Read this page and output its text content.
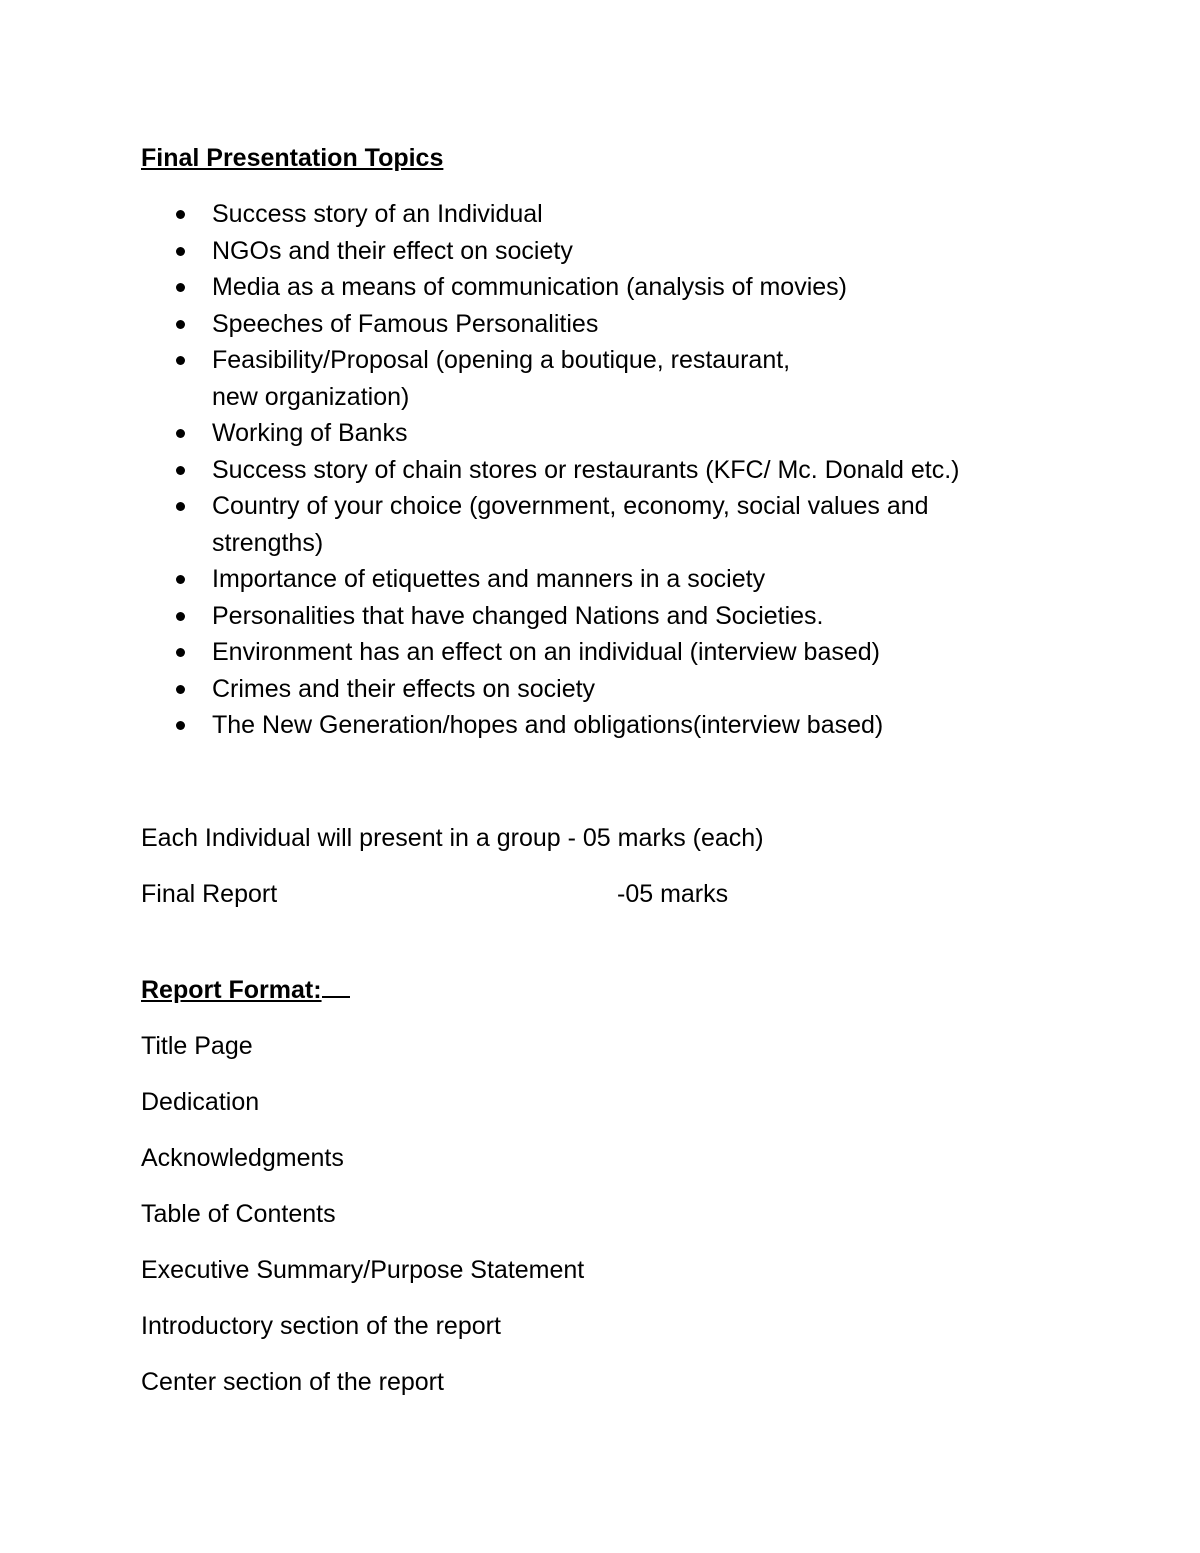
Final Presentation Topics
Success story of an Individual
NGOs and their effect on society
Media as a means of communication (analysis of movies)
Speeches of Famous Personalities
Feasibility/Proposal (opening a boutique, restaurant, new organization)
Working of Banks
Success story of chain stores or restaurants (KFC/ Mc. Donald etc.)
Country of your choice (government, economy, social values and strengths)
Importance of etiquettes and manners in a society
Personalities that have changed Nations and Societies.
Environment has an effect on an individual (interview based)
Crimes and their effects on society
The New Generation/hopes and obligations(interview based)
Each Individual will present in a group - 05 marks (each)
Final Report	-05 marks
Report Format:
Title Page
Dedication
Acknowledgments
Table of Contents
Executive Summary/Purpose Statement
Introductory section of the report
Center section of the report
